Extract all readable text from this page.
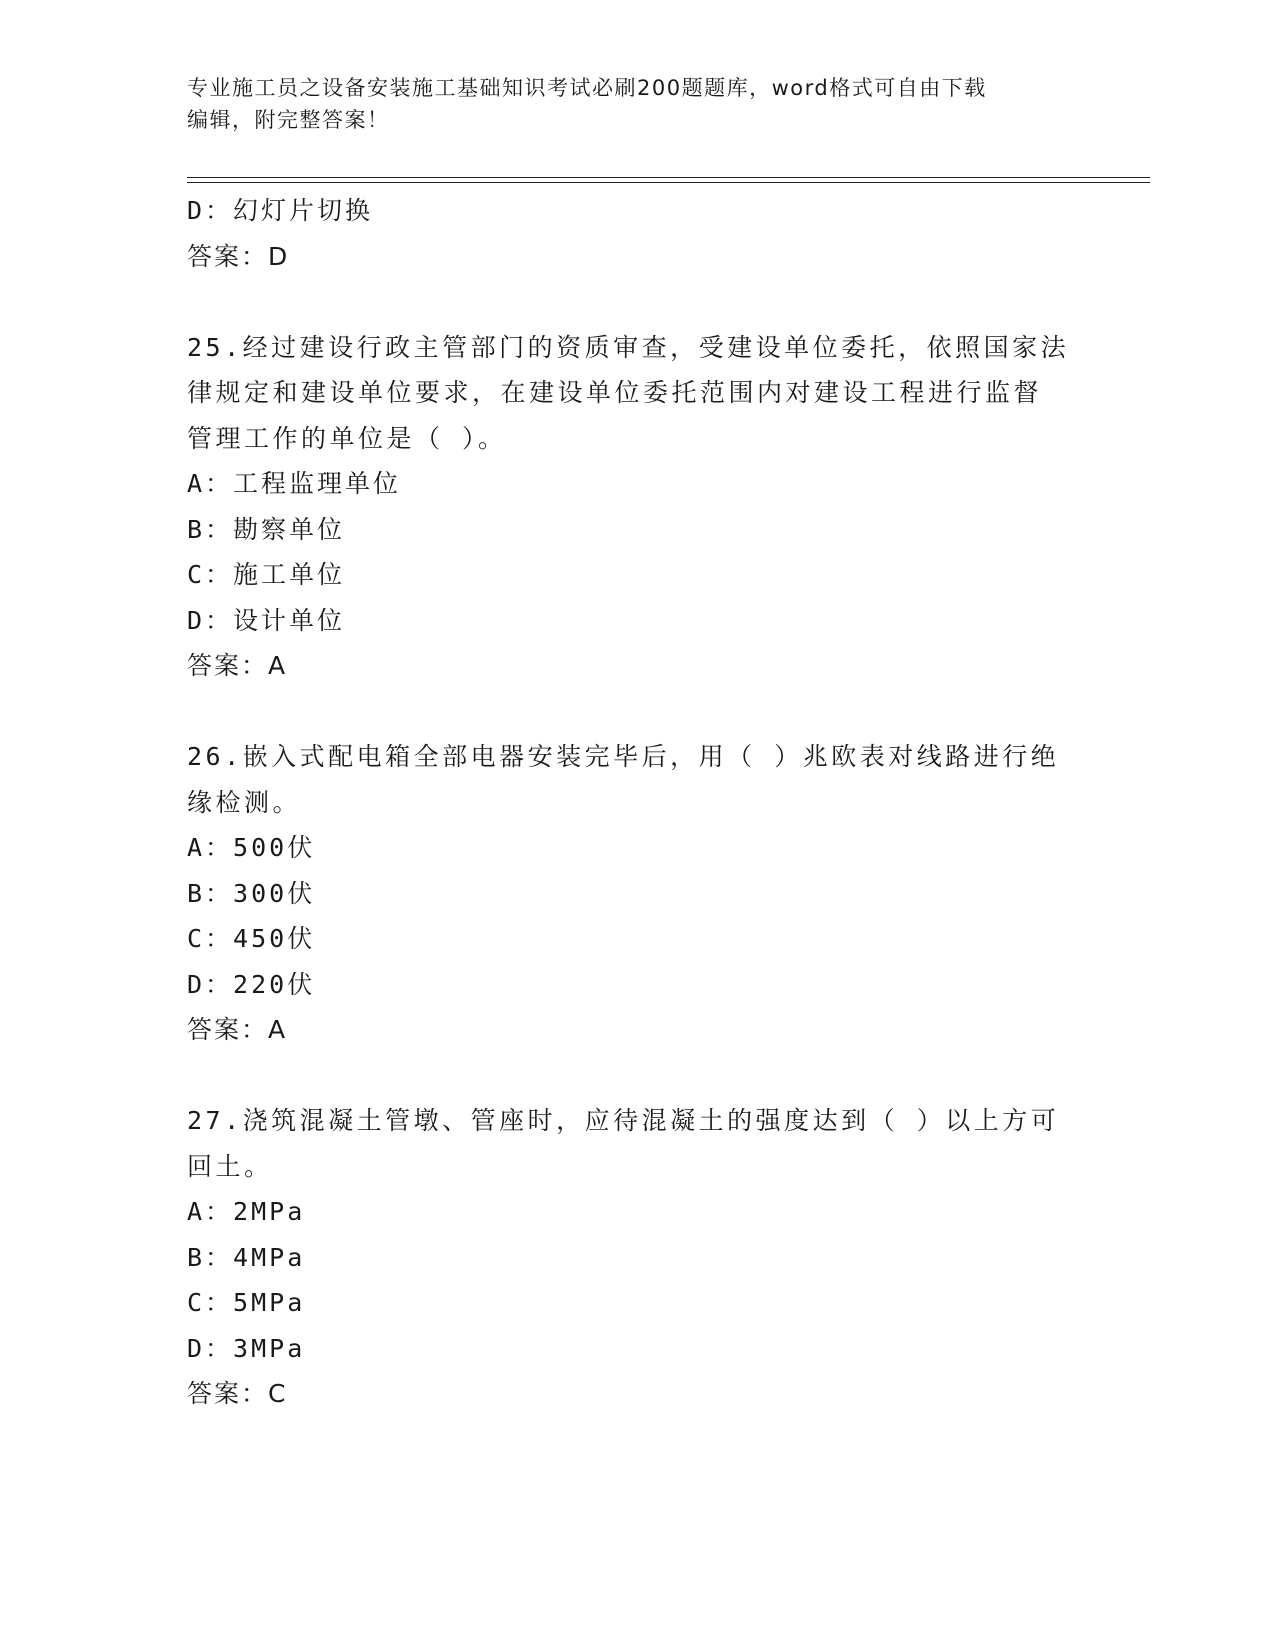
专业施工员之设备安装施工基础知识考试必刷200题题库，word格式可自由下载
编辑，附完整答案！
D：幻灯片切换
答案：D
25.经过建设行政主管部门的资质审查，受建设单位委托，依照国家法
律规定和建设单位要求，在建设单位委托范围内对建设工程进行监督
管理工作的单位是（ ）。
A：工程监理单位
B：勘察单位
C：施工单位
D：设计单位
答案：A
26.嵌入式配电箱全部电器安装完毕后，用（ ）兆欧表对线路进行绝
缘检测。
A：500伏
B：300伏
C：450伏
D：220伏
答案：A
27.浇筑混凝土管墩、管座时，应待混凝土的强度达到（ ）以上方可
回土。
A：2MPa
B：4MPa
C：5MPa
D：3MPa
答案：C
